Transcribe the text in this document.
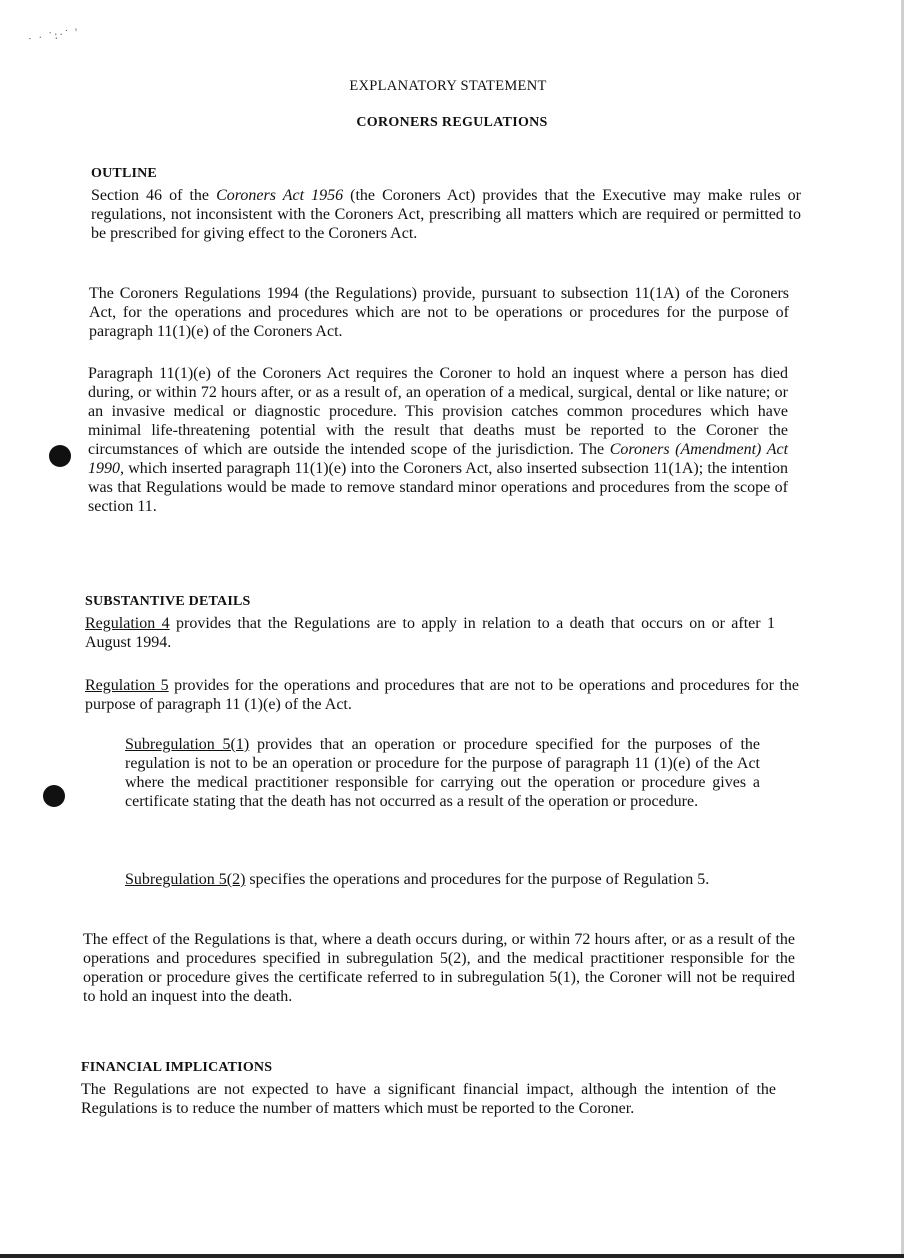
· · ˙:·˙ '
EXPLANATORY STATEMENT
CORONERS REGULATIONS
OUTLINE
Section 46 of the Coroners Act 1956 (the Coroners Act) provides that the Executive may make rules or regulations, not inconsistent with the Coroners Act, prescribing all matters which are required or permitted to be prescribed for giving effect to the Coroners Act.
The Coroners Regulations 1994 (the Regulations) provide, pursuant to subsection 11(1A) of the Coroners Act, for the operations and procedures which are not to be operations or procedures for the purpose of paragraph 11(1)(e) of the Coroners Act.
Paragraph 11(1)(e) of the Coroners Act requires the Coroner to hold an inquest where a person has died during, or within 72 hours after, or as a result of, an operation of a medical, surgical, dental or like nature; or an invasive medical or diagnostic procedure. This provision catches common procedures which have minimal life-threatening potential with the result that deaths must be reported to the Coroner the circumstances of which are outside the intended scope of the jurisdiction. The Coroners (Amendment) Act 1990, which inserted paragraph 11(1)(e) into the Coroners Act, also inserted subsection 11(1A); the intention was that Regulations would be made to remove standard minor operations and procedures from the scope of section 11.
SUBSTANTIVE DETAILS
Regulation 4 provides that the Regulations are to apply in relation to a death that occurs on or after 1 August 1994.
Regulation 5 provides for the operations and procedures that are not to be operations and procedures for the purpose of paragraph 11 (1)(e) of the Act.
Subregulation 5(1) provides that an operation or procedure specified for the purposes of the regulation is not to be an operation or procedure for the purpose of paragraph 11 (1)(e) of the Act where the medical practitioner responsible for carrying out the operation or procedure gives a certificate stating that the death has not occurred as a result of the operation or procedure.
Subregulation 5(2) specifies the operations and procedures for the purpose of Regulation 5.
The effect of the Regulations is that, where a death occurs during, or within 72 hours after, or as a result of the operations and procedures specified in subregulation 5(2), and the medical practitioner responsible for the operation or procedure gives the certificate referred to in subregulation 5(1), the Coroner will not be required to hold an inquest into the death.
FINANCIAL IMPLICATIONS
The Regulations are not expected to have a significant financial impact, although the intention of the Regulations is to reduce the number of matters which must be reported to the Coroner.
